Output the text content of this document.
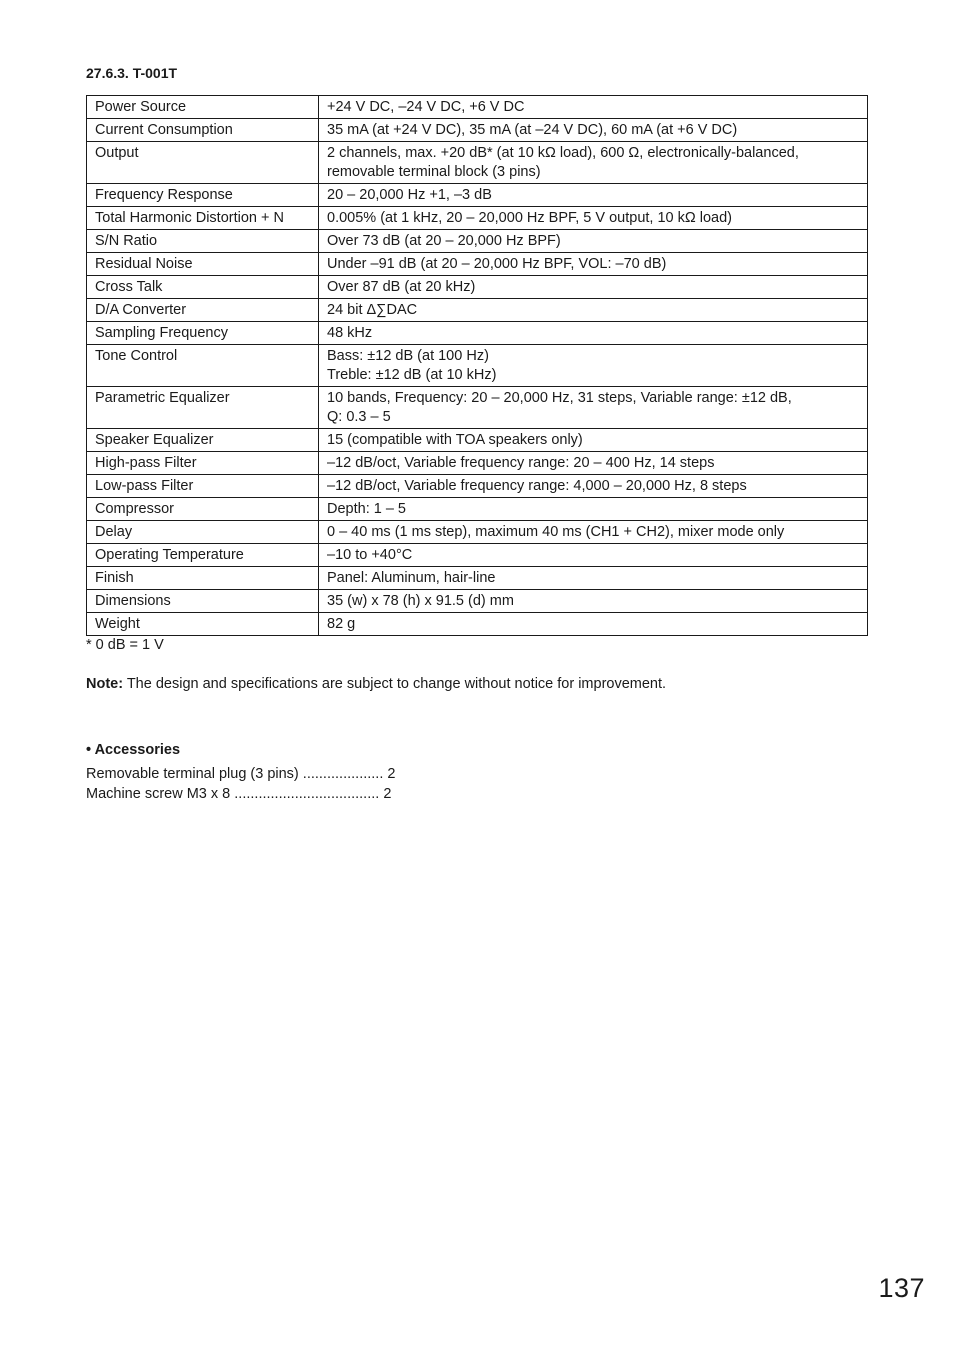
27.6.3. T-001T
Power Source	+24 V DC, –24 V DC, +6 V DC

Current Consumption	35 mA (at +24 V DC), 35 mA (at –24 V DC), 60 mA (at +6 V DC)

Output	2 channels, max. +20 dB* (at 10 kΩ load), 600 Ω, electronically-balanced,
removable terminal block (3 pins)

Frequency Response	20 – 20,000 Hz +1, –3 dB

Total Harmonic Distortion + N	0.005% (at 1 kHz, 20 – 20,000 Hz BPF, 5 V output, 10 kΩ load)

S/N Ratio	Over 73 dB (at 20 – 20,000 Hz BPF)

Residual Noise	Under –91 dB (at 20 – 20,000 Hz BPF, VOL: –70 dB)

Cross Talk	Over 87 dB (at 20 kHz)

D/A Converter	24 bit Δ∑DAC

Sampling Frequency	48 kHz

Tone Control	Bass: ±12 dB (at 100 Hz)
Treble: ±12 dB (at 10 kHz)

Parametric Equalizer	10 bands, Frequency: 20 – 20,000 Hz, 31 steps, Variable range: ±12 dB,
Q: 0.3 – 5

Speaker Equalizer	15 (compatible with TOA speakers only)

High-pass Filter	–12 dB/oct, Variable frequency range: 20 – 400 Hz, 14 steps

Low-pass Filter	–12 dB/oct, Variable frequency range: 4,000 – 20,000 Hz, 8 steps

Compressor	Depth: 1 – 5

Delay	0 – 40 ms (1 ms step), maximum 40 ms (CH1 + CH2), mixer mode only

Operating Temperature	–10 to +40°C

Finish	Panel: Aluminum, hair-line

Dimensions	35 (w) x 78 (h) x 91.5 (d) mm

Weight	82 g
* 0 dB = 1 V
Note: The design and specifications are subject to change without notice for improvement.
• Accessories
Removable terminal plug (3 pins) .................... 2
Machine screw M3 x 8 .................................... 2
137
